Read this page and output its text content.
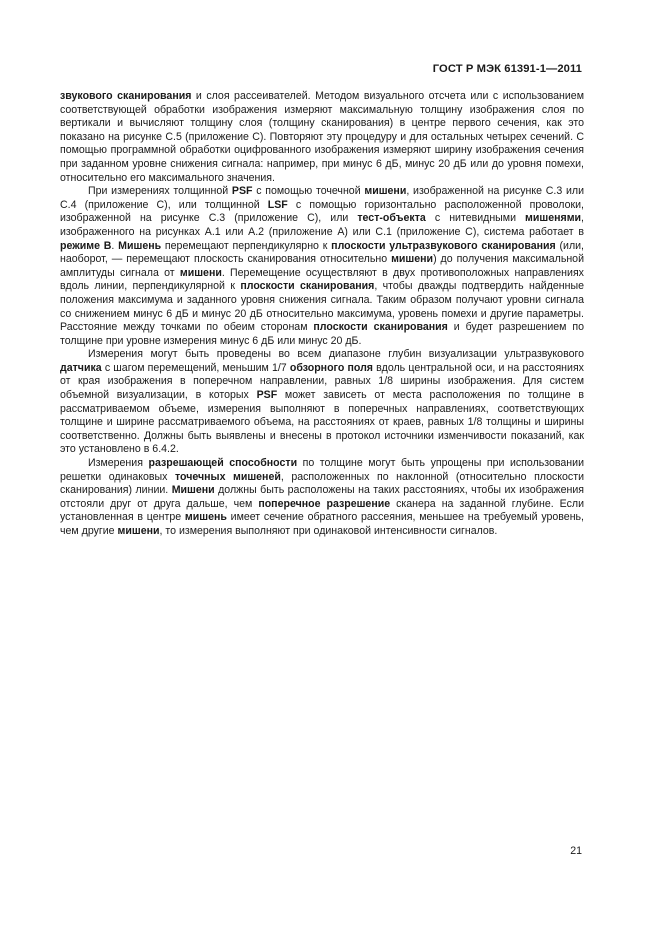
ГОСТ Р МЭК 61391-1—2011

звукового сканирования и слоя рассеивателей. Методом визуального отсчета или с использованием соответствующей обработки изображения измеряют максимальную толщину изображения слоя по вертикали и вычисляют толщину слоя (толщину сканирования) в центре первого сечения, как это показано на рисунке С.5 (приложение С). Повторяют эту процедуру и для остальных четырех сечений. С помощью программной обработки оцифрованного изображения измеряют ширину изображения сечения при заданном уровне снижения сигнала: например, при минус 6 дБ, минус 20 дБ или до уровня помехи, относительно его максимального значения.

При измерениях толщинной PSF с помощью точечной мишени, изображенной на рисунке С.3 или С.4 (приложение С), или толщинной LSF с помощью горизонтально расположенной проволоки, изображенной на рисунке С.3 (приложение С), или тест-объекта с нитевидными мишенями, изображенного на рисунках А.1 или А.2 (приложение А) или С.1 (приложение С), система работает в режиме В. Мишень перемещают перпендикулярно к плоскости ультразвукового сканирования (или, наоборот, — перемещают плоскость сканирования относительно мишени) до получения максимальной амплитуды сигнала от мишени. Перемещение осуществляют в двух противоположных направлениях вдоль линии, перпендикулярной к плоскости сканирования, чтобы дважды подтвердить найденные положения максимума и заданного уровня снижения сигнала. Таким образом получают уровни сигнала со снижением минус 6 дБ и минус 20 дБ относительно максимума, уровень помехи и другие параметры. Расстояние между точками по обеим сторонам плоскости сканирования и будет разрешением по толщине при уровне измерения минус 6 дБ или минус 20 дБ.

Измерения могут быть проведены во всем диапазоне глубин визуализации ультразвукового датчика с шагом перемещений, меньшим 1/7 обзорного поля вдоль центральной оси, и на расстояниях от края изображения в поперечном направлении, равных 1/8 ширины изображения. Для систем объемной визуализации, в которых PSF может зависеть от места расположения по толщине в рассматриваемом объеме, измерения выполняют в поперечных направлениях, соответствующих толщине и ширине рассматриваемого объема, на расстояниях от краев, равных 1/8 толщины и ширины соответственно. Должны быть выявлены и внесены в протокол источники изменчивости показаний, как это установлено в 6.4.2.

Измерения разрешающей способности по толщине могут быть упрощены при использовании решетки одинаковых точечных мишеней, расположенных по наклонной (относительно плоскости сканирования) линии. Мишени должны быть расположены на таких расстояниях, чтобы их изображения отстояли друг от друга дальше, чем поперечное разрешение сканера на заданной глубине. Если установленная в центре мишень имеет сечение обратного рассеяния, меньшее на требуемый уровень, чем другие мишени, то измерения выполняют при одинаковой интенсивности сигналов.

21
